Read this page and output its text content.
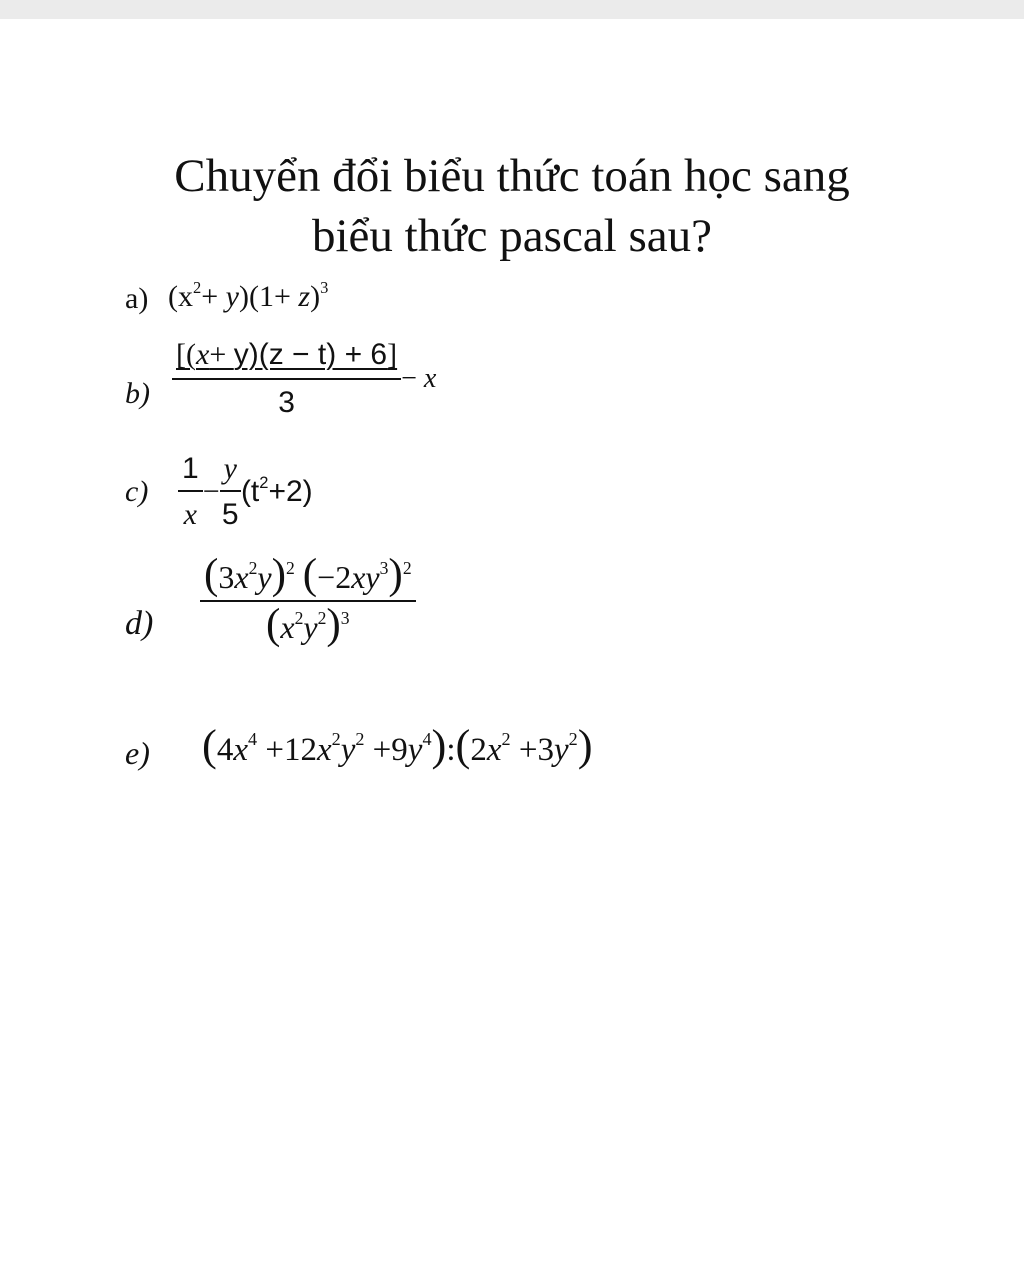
Chuyển đổi biểu thức toán học sang
biểu thức pascal sau?
a) $(x^2+ y)(1+ z)^3$
$b) \frac{[(x+ y)(z - t) + 6]}{3} - x$
$c) \frac{1}{x} - \frac{y}{5} (t^2+2)$
$d) \frac{(3x^2y)^2 (-2xy^3)^2}{(x^2y^2)^3}$
e) ($4x^4 +12x^2y^2$ $+9y^4):(2x^2 +3y^2)$
